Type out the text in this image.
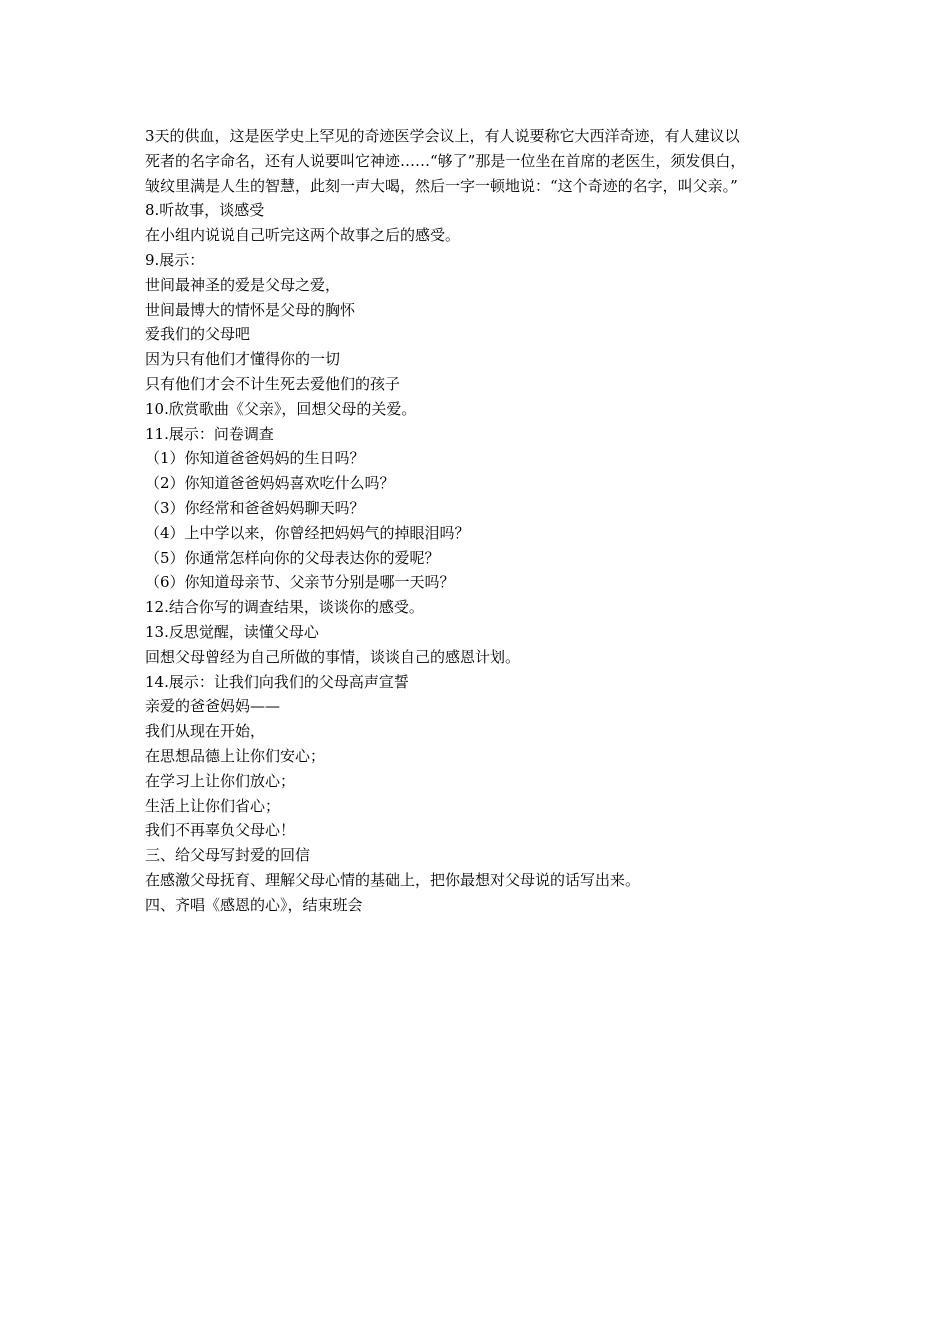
3天的供血，这是医学史上罕见的奇迹医学会议上，有人说要称它大西洋奇迹，有人建议以

死者的名字命名，还有人说要叫它神迹……“够了”那是一位坐在首席的老医生，须发俱白，

皱纹里满是人生的智慧，此刻一声大喝，然后一字一顿地说：“这个奇迹的名字，叫父亲。”

8.听故事，谈感受

在小组内说说自己听完这两个故事之后的感受。

9.展示：

世间最神圣的爱是父母之爱，

世间最博大的情怀是父母的胸怀

爱我们的父母吧

因为只有他们才懂得你的一切

只有他们才会不计生死去爱他们的孩子

10.欣赏歌曲《父亲》，回想父母的关爱。

11.展示：问卷调查

（1）你知道爸爸妈妈的生日吗？

（2）你知道爸爸妈妈喜欢吃什么吗？

（3）你经常和爸爸妈妈聊天吗？

（4）上中学以来，你曾经把妈妈气的掉眼泪吗？

（5）你通常怎样向你的父母表达你的爱呢？

（6）你知道母亲节、父亲节分别是哪一天吗？

12.结合你写的调查结果，谈谈你的感受。

13.反思觉醒，读懂父母心

回想父母曾经为自己所做的事情，谈谈自己的感恩计划。

14.展示：让我们向我们的父母高声宣誓

亲爱的爸爸妈妈——

我们从现在开始，

在思想品德上让你们安心；

在学习上让你们放心；

生活上让你们省心；

我们不再辜负父母心！

三、给父母写封爱的回信

在感激父母抚育、理解父母心情的基础上，把你最想对父母说的话写出来。

四、齐唱《感恩的心》，结束班会
